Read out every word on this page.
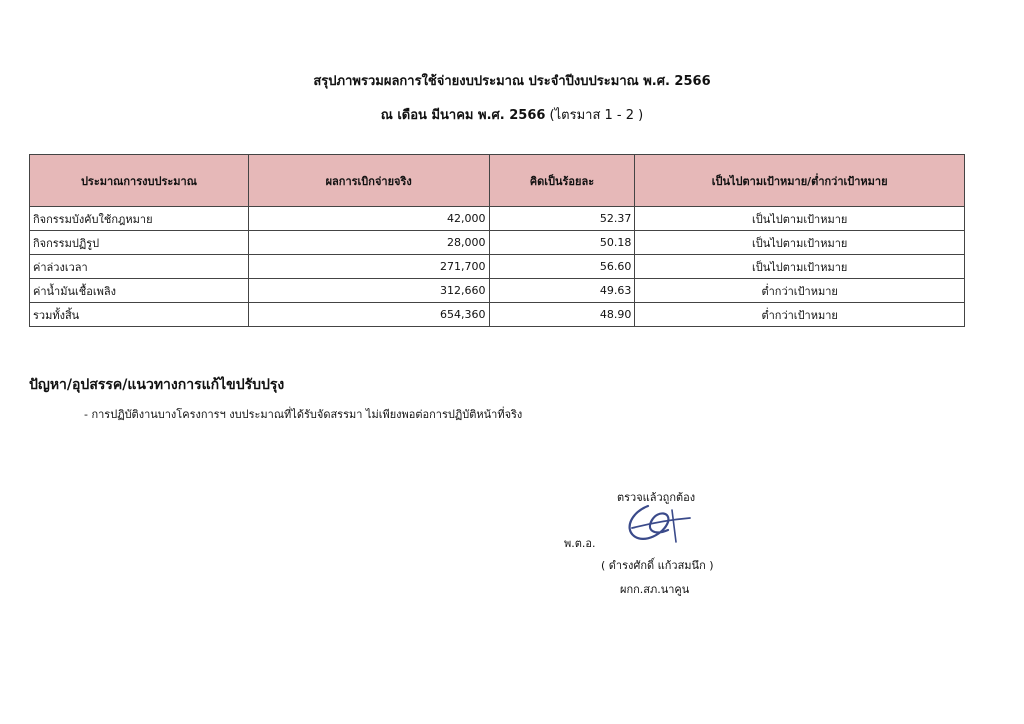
สรุปภาพรวมผลการใช้จ่ายงบประมาณ ประจำปีงบประมาณ พ.ศ. 2566
ณ เดือน มีนาคม พ.ศ. 2566 (ไตรมาส 1 - 2 )
ประมาณการงบประมาณ	ผลการเบิกจ่ายจริง	คิดเป็นร้อยละ	เป็นไปตามเป้าหมาย/ต่ำกว่าเป้าหมาย
กิจกรรมบังคับใช้กฎหมาย	42,000	52.37	เป็นไปตามเป้าหมาย
กิจกรรมปฏิรูป	28,000	50.18	เป็นไปตามเป้าหมาย
ค่าล่วงเวลา	271,700	56.60	เป็นไปตามเป้าหมาย
ค่าน้ำมันเชื้อเพลิง	312,660	49.63	ต่ำกว่าเป้าหมาย
รวมทั้งสิ้น	654,360	48.90	ต่ำกว่าเป้าหมาย
ปัญหา/อุปสรรค/แนวทางการแก้ไขปรับปรุง
- การปฏิบัติงานบางโครงการฯ งบประมาณที่ได้รับจัดสรรมา ไม่เพียงพอต่อการปฏิบัติหน้าที่จริง
ตรวจแล้วถูกต้อง
พ.ต.อ.
( ดำรงศักดิ์ แก้วสมนึก )
ผกก.สภ.นาคูน
